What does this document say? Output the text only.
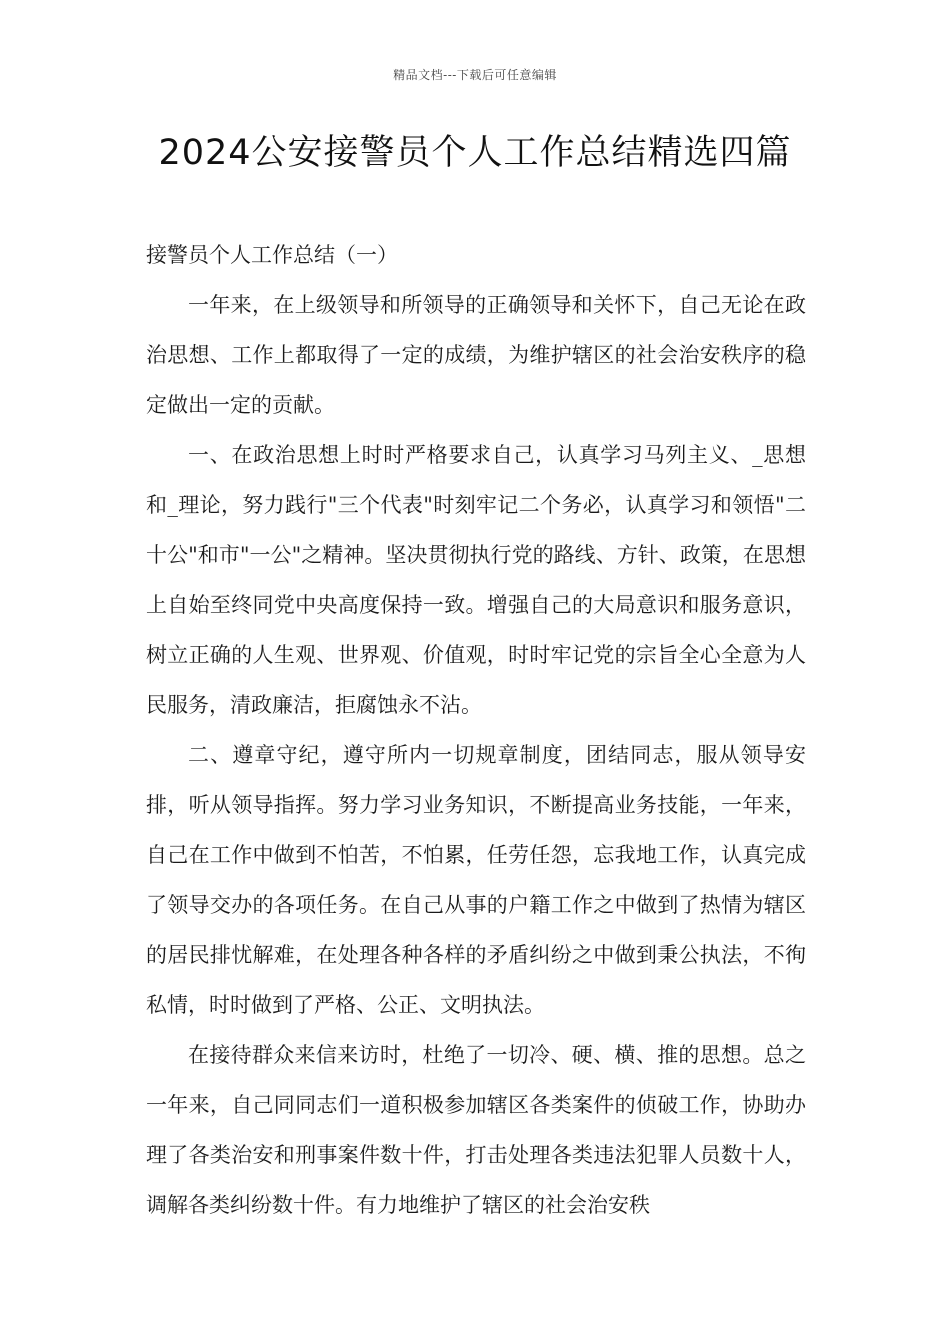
精品文档---下载后可任意编辑
2024公安接警员个人工作总结精选四篇

接警员个人工作总结（一）

一年来，在上级领导和所领导的正确领导和关怀下，自己无论在政治思想、工作上都取得了一定的成绩，为维护辖区的社会治安秩序的稳定做出一定的贡献。

一、在政治思想上时时严格要求自己，认真学习马列主义、_思想和_理论，努力践行"三个代表"时刻牢记二个务必，认真学习和领悟"二十公"和市"一公"之精神。坚决贯彻执行党的路线、方针、政策，在思想上自始至终同党中央高度保持一致。增强自己的大局意识和服务意识，树立正确的人生观、世界观、价值观，时时牢记党的宗旨全心全意为人民服务，清政廉洁，拒腐蚀永不沾。

二、遵章守纪，遵守所内一切规章制度，团结同志，服从领导安排，听从领导指挥。努力学习业务知识，不断提高业务技能，一年来，自己在工作中做到不怕苦，不怕累，任劳任怨，忘我地工作，认真完成了领导交办的各项任务。在自己从事的户籍工作之中做到了热情为辖区的居民排忧解难，在处理各种各样的矛盾纠纷之中做到秉公执法，不徇私情，时时做到了严格、公正、文明执法。

在接待群众来信来访时，杜绝了一切冷、硬、横、推的思想。总之一年来，自己同同志们一道积极参加辖区各类案件的侦破工作，协助办理了各类治安和刑事案件数十件，打击处理各类违法犯罪人员数十人，调解各类纠纷数十件。有力地维护了辖区的社会治安秩
